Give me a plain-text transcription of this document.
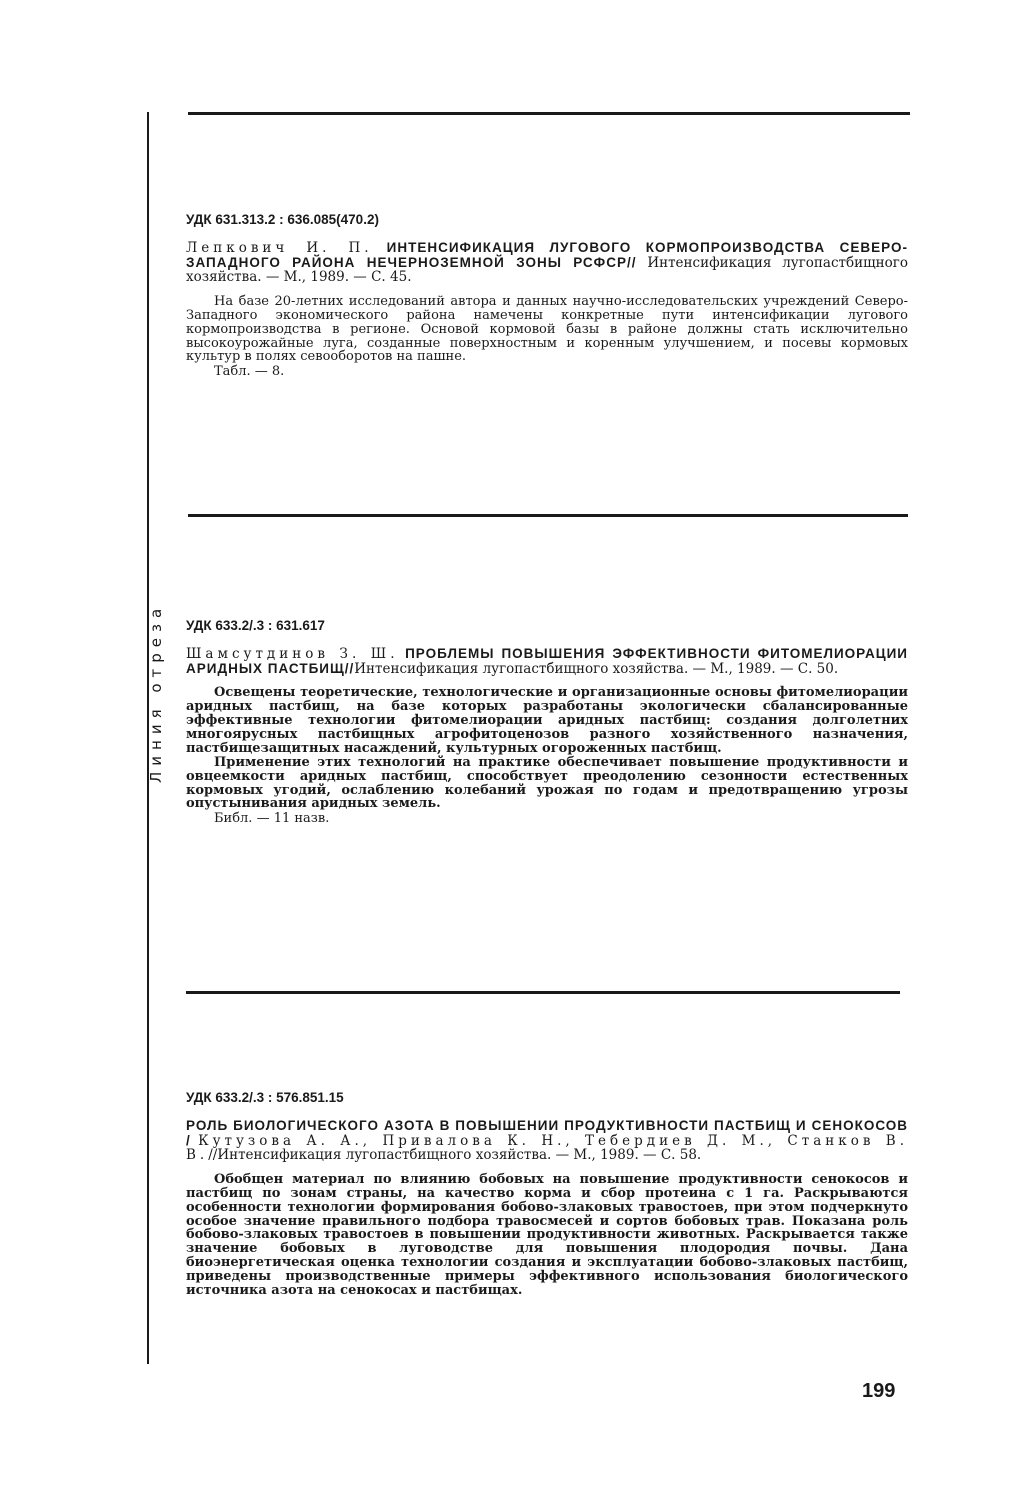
Линия отреза

УДК 631.313.2 : 636.085(470.2)

Лепкович И. П. ИНТЕНСИФИКАЦИЯ ЛУГОВОГО КОРМОПРОИЗВОДСТВА СЕВЕРО-ЗАПАДНОГО РАЙОНА НЕЧЕРНОЗЕМНОЙ ЗОНЫ РСФСР// Интенсификация лугопастбищного хозяйства. — М., 1989. — С. 45.

На базе 20-летних исследований автора и данных научно-исследовательских учреждений Северо-Западного экономического района намечены конкретные пути интенсификации лугового кормопроизводства в регионе. Основой кормовой базы в районе должны стать исключительно высокоурожайные луга, созданные поверхностным и коренным улучшением, и посевы кормовых культур в полях севооборотов на пашне.

Табл. — 8.

УДК 633.2/.3 : 631.617

Шамсутдинов З. Ш. ПРОБЛЕМЫ ПОВЫШЕНИЯ ЭФФЕКТИВНОСТИ ФИТОМЕЛИОРАЦИИ АРИДНЫХ ПАСТБИЩ//Интенсификация лугопастбищного хозяйства. — М., 1989. — С. 50.

Освещены теоретические, технологические и организационные основы фитомелиорации аридных пастбищ, на базе которых разработаны экологически сбалансированные эффективные технологии фитомелиорации аридных пастбищ: создания долголетних многоярусных пастбищных агрофитоценозов разного хозяйственного назначения, пастбищезащитных насаждений, культурных огороженных пастбищ.

Применение этих технологий на практике обеспечивает повышение продуктивности и овцеемкости аридных пастбищ, способствует преодолению сезонности естественных кормовых угодий, ослаблению колебаний урожая по годам и предотвращению угрозы опустынивания аридных земель.

Библ. — 11 назв.

УДК 633.2/.3 : 576.851.15

РОЛЬ БИОЛОГИЧЕСКОГО АЗОТА В ПОВЫШЕНИИ ПРОДУКТИВНОСТИ ПАСТБИЩ И СЕНОКОСОВ / Кутузова А. А., Привалова К. Н., Тебердиев Д. М., Станков В. В.//Интенсификация лугопастбищного хозяйства. — М., 1989. — С. 58.

Обобщен материал по влиянию бобовых на повышение продуктивности сенокосов и пастбищ по зонам страны, на качество корма и сбор протеина с 1 га. Раскрываются особенности технологии формирования бобово-злаковых травостоев, при этом подчеркнуто особое значение правильного подбора травосмесей и сортов бобовых трав. Показана роль бобово-злаковых травостоев в повышении продуктивности животных. Раскрывается также значение бобовых в луговодстве для повышения плодородия почвы. Дана биоэнергетическая оценка технологии создания и эксплуатации бобово-злаковых пастбищ, приведены производственные примеры эффективного использования биологического источника азота на сенокосах и пастбищах.

199
